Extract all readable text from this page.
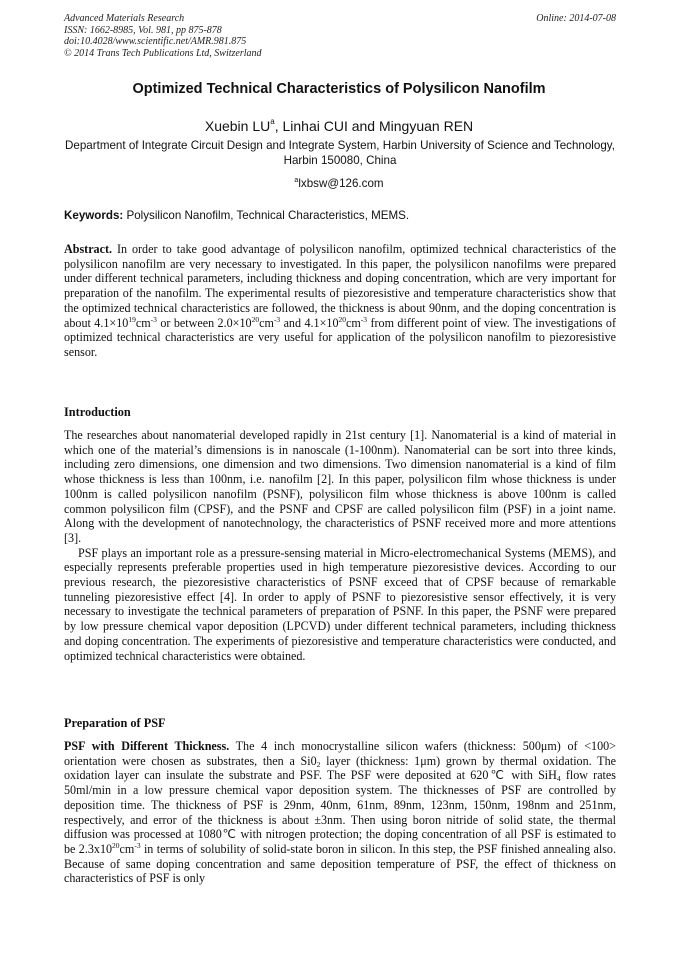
Advanced Materials Research
ISSN: 1662-8985, Vol. 981, pp 875-878
doi:10.4028/www.scientific.net/AMR.981.875
© 2014 Trans Tech Publications Ltd, Switzerland
Online: 2014-07-08
Optimized Technical Characteristics of Polysilicon Nanofilm
Xuebin $LU^a$, Linhai CUI and Mingyuan REN
Department of Integrate Circuit Design and Integrate System, Harbin University of Science and Technology, Harbin 150080, China
$^a$lxbsw@126.com
Keywords: Polysilicon Nanofilm, Technical Characteristics, MEMS.

Abstract. In order to take good advantage of polysilicon nanofilm, optimized technical characteristics of the polysilicon nanofilm are very necessary to investigated. In this paper, the polysilicon nanofilms were prepared under different technical parameters, including thickness and doping concentration, which are very important for preparation of the nanofilm. The experimental results of piezoresistive and temperature characteristics show that the optimized technical characteristics are followed, the thickness is about 90nm, and the doping concentration is about $4.1\times 10^{19}cm^{-3}$ or between $2.0\times 10^{20}cm^{-3}$ and $4.1\times 10^{20}cm^{-3}$ from different point of view. The investigations of optimized technical characteristics are very useful for application of the polysilicon nanofilm to piezoresistive sensor.

Introduction

The researches about nanomaterial developed rapidly in 21st century [1]. Nanomaterial is a kind of material in which one of the material’s dimensions is in nanoscale (1-100nm). Nanomaterial can be sort into three kinds, including zero dimensions, one dimension and two dimensions. Two dimension nanomaterial is a kind of film whose thickness is less than 100nm, i.e. nanofilm [2]. In this paper, polysilicon film whose thickness is under 100nm is called polysilicon nanofilm (PSNF), polysilicon film whose thickness is above 100nm is called common polysilicon film (CPSF), and the PSNF and CPSF are called polysilicon film (PSF) in a joint name. Along with the development of nanotechnology, the characteristics of PSNF received more and more attentions [3].

PSF plays an important role as a pressure-sensing material in Micro-electromechanical Systems (MEMS), and especially represents preferable properties used in high temperature piezoresistive devices. According to our previous research, the piezoresistive characteristics of PSNF exceed that of CPSF because of remarkable tunneling piezoresistive effect [4]. In order to apply of PSNF to piezoresistive sensor effectively, it is very necessary to investigate the technical parameters of preparation of PSNF. In this paper, the PSNF were prepared by low pressure chemical vapor deposition (LPCVD) under different technical parameters, including thickness and doping concentration. The experiments of piezoresistive and temperature characteristics were conducted, and optimized technical characteristics were obtained.

Preparation of PSF

PSF with Different Thickness. The 4 inch monocrystalline silicon wafers (thickness: 500μm) of <100> orientation were chosen as substrates, then a $Si0_2$ layer (thickness: 1μm) grown by thermal oxidation. The oxidation layer can insulate the substrate and PSF. The PSF were deposited at 620℃ with SiH$_4$ flow rates 50ml/min in a low pressure chemical vapor deposition system. The thicknesses of PSF are controlled by deposition time. The thickness of PSF is 29nm, 40nm, 61nm, 89nm, 123nm, 150nm, 198nm and 251nm, respectively, and error of the thickness is about ±3nm. Then using boron nitride of solid state, the thermal diffusion was processed at 1080℃ with nitrogen protection; the doping concentration of all PSF is estimated to be $2.3x10^{20}cm^{-3}$ in terms of solubility of solid-state boron in silicon. In this step, the PSF finished annealing also. Because of same doping concentration and same deposition temperature of PSF, the effect of thickness on characteristics of PSF is only
